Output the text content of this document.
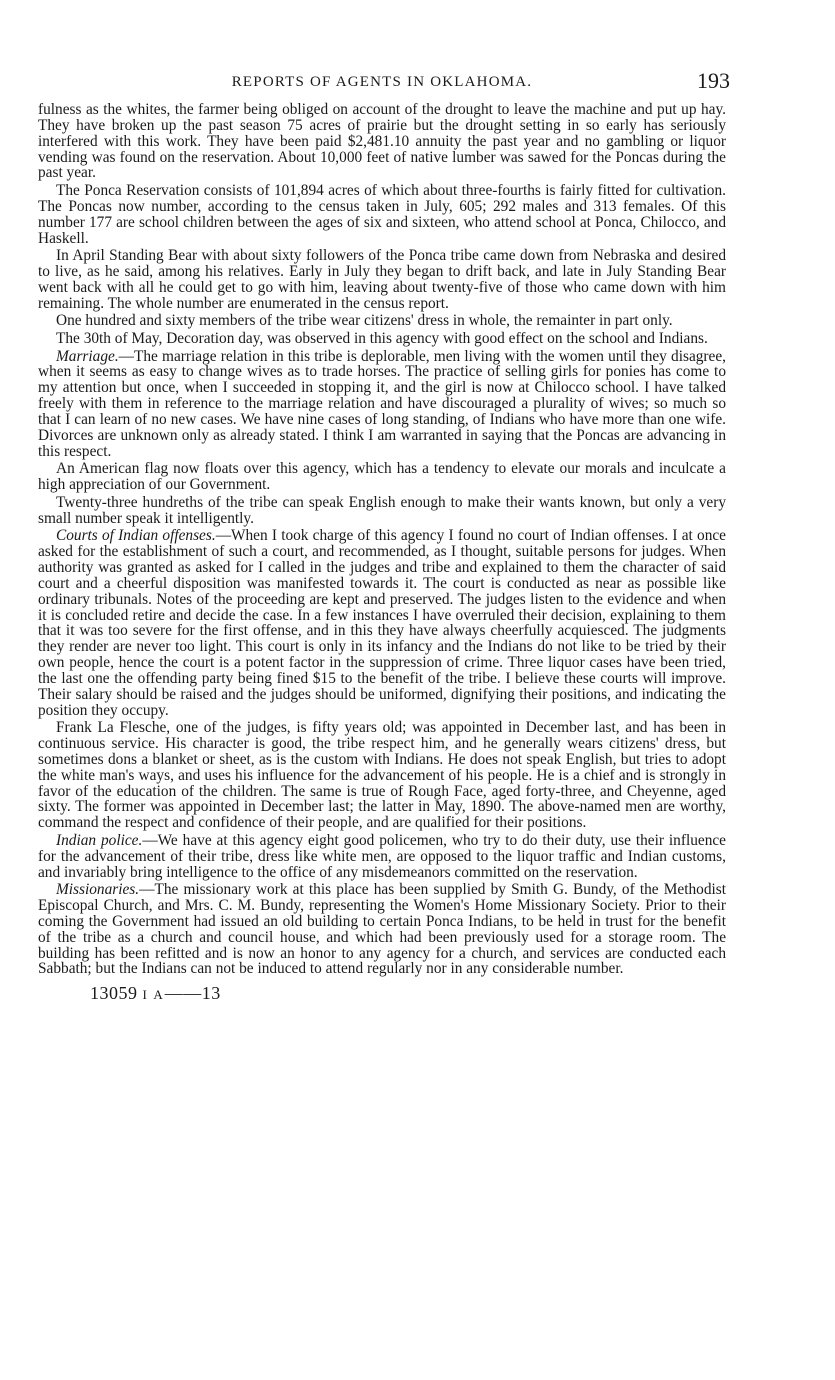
REPORTS OF AGENTS IN OKLAHOMA.	193

fulness as the whites, the farmer being obliged on account of the drought to leave the machine and put up hay. They have broken up the past season 75 acres of prairie but the drought setting in so early has seriously interfered with this work. They have been paid $2,481.10 annuity the past year and no gambling or liquor vending was found on the reservation. About 10,000 feet of native lumber was sawed for the Poncas during the past year.

The Ponca Reservation consists of 101,894 acres of which about three-fourths is fairly fitted for cultivation. The Poncas now number, according to the census taken in July, 605; 292 males and 313 females. Of this number 177 are school children between the ages of six and sixteen, who attend school at Ponca, Chilocco, and Haskell.

In April Standing Bear with about sixty followers of the Ponca tribe came down from Nebraska and desired to live, as he said, among his relatives. Early in July they began to drift back, and late in July Standing Bear went back with all he could get to go with him, leaving about twenty-five of those who came down with him remaining. The whole number are enumerated in the census report.

One hundred and sixty members of the tribe wear citizens' dress in whole, the remainter in part only.

The 30th of May, Decoration day, was observed in this agency with good effect on the school and Indians.

Marriage.—The marriage relation in this tribe is deplorable, men living with the women until they disagree, when it seems as easy to change wives as to trade horses. The practice of selling girls for ponies has come to my attention but once, when I succeeded in stopping it, and the girl is now at Chilocco school. I have talked freely with them in reference to the marriage relation and have discouraged a plurality of wives; so much so that I can learn of no new cases. We have nine cases of long standing, of Indians who have more than one wife. Divorces are unknown only as already stated. I think I am warranted in saying that the Poncas are advancing in this respect.

An American flag now floats over this agency, which has a tendency to elevate our morals and inculcate a high appreciation of our Government.

Twenty-three hundreths of the tribe can speak English enough to make their wants known, but only a very small number speak it intelligently.

Courts of Indian offenses.—When I took charge of this agency I found no court of Indian offenses. I at once asked for the establishment of such a court, and recommended, as I thought, suitable persons for judges. When authority was granted as asked for I called in the judges and tribe and explained to them the character of said court and a cheerful disposition was manifested towards it. The court is conducted as near as possible like ordinary tribunals. Notes of the proceeding are kept and preserved. The judges listen to the evidence and when it is concluded retire and decide the case. In a few instances I have overruled their decision, explaining to them that it was too severe for the first offense, and in this they have always cheerfully acquiesced. The judgments they render are never too light. This court is only in its infancy and the Indians do not like to be tried by their own people, hence the court is a potent factor in the suppression of crime. Three liquor cases have been tried, the last one the offending party being fined $15 to the benefit of the tribe. I believe these courts will improve. Their salary should be raised and the judges should be uniformed, dignifying their positions, and indicating the position they occupy.

Frank La Flesche, one of the judges, is fifty years old; was appointed in December last, and has been in continuous service. His character is good, the tribe respect him, and he generally wears citizens' dress, but sometimes dons a blanket or sheet, as is the custom with Indians. He does not speak English, but tries to adopt the white man's ways, and uses his influence for the advancement of his people. He is a chief and is strongly in favor of the education of the children. The same is true of Rough Face, aged forty-three, and Cheyenne, aged sixty. The former was appointed in December last; the latter in May, 1890. The above-named men are worthy, command the respect and confidence of their people, and are qualified for their positions.

Indian police.—We have at this agency eight good policemen, who try to do their duty, use their influence for the advancement of their tribe, dress like white men, are opposed to the liquor traffic and Indian customs, and invariably bring intelligence to the office of any misdemeanors committed on the reservation.

Missionaries.—The missionary work at this place has been supplied by Smith G. Bundy, of the Methodist Episcopal Church, and Mrs. C. M. Bundy, representing the Women's Home Missionary Society. Prior to their coming the Government had issued an old building to certain Ponca Indians, to be held in trust for the benefit of the tribe as a church and council house, and which had been previously used for a storage room. The building has been refitted and is now an honor to any agency for a church, and services are conducted each Sabbath; but the Indians can not be induced to attend regularly nor in any considerable number.

13059 I A——13
